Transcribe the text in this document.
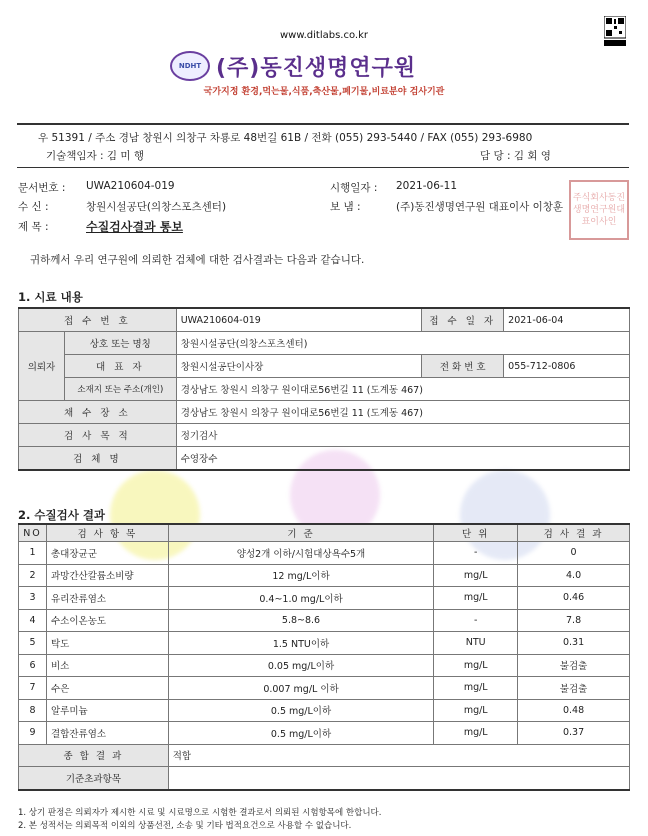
www.ditlabs.co.kr
NDHT (주)동진생명연구원
국가지정 환경,먹는물,식품,축산물,폐기물,비료분야 검사기관
우 51391 / 주소 경남 창원시 의창구 차룡로 48번길 61B / 전화 (055) 293-5440 / FAX (055) 293-6980
기술책임자 : 김 미 행	담 당 : 김 회 영
문서번호 : UWA210604-019
수 신 :	창원시설공단(의창스포츠센터)
제 목 :	수질검사결과 통보
시행일자 : 2021-06-11
보 냄 :	(주)동진생명연구원 대표이사 이창훈
주식회사동진생명연구원대표이사인
귀하께서 우리 연구원에 의뢰한 검체에 대한 검사결과는 다음과 같습니다.
1. 시료 내용
접 수 번 호		UWA210604-019	접 수 일 자	2021-06-04
의뢰자	상호 또는 명칭	창원시설공단(의창스포츠센터)		
	대 표 자	창원시설공단이사장	전 화 번 호	055-712-0806
	소재지 또는 주소(개인)	경상남도 창원시 의창구 원이대로56번길 11 (도계동 467)		
채 수 장 소		경상남도 창원시 의창구 원이대로56번길 11 (도계동 467)		
검 사 목 적		정기검사		
검 체 명		수영장수		
2. 수질검사 결과
NO	검 사 항 목	기 준	단 위	검 사 결 과
1	총대장균군	양성2개 이하/시험대상욕수5개	-	0
2	과망간산칼륨소비량	12 mg/L이하	mg/L	4.0
3	유리잔류염소	0.4~1.0 mg/L이하	mg/L	0.46
4	수소이온농도	5.8~8.6	-	7.8
5	탁도	1.5 NTU이하	NTU	0.31
6	비소	0.05 mg/L이하	mg/L	불검출
7	수은	0.007 mg/L 이하	mg/L	불검출
8	알루미늄	0.5 mg/L이하	mg/L	0.48
9	결합잔류염소	0.5 mg/L이하	mg/L	0.37
종 합 결 과		적합		
기준초과항목				
1. 상기 판정은 의뢰자가 제시한 시료 및 시료명으로 시험한 결과로서 의뢰된 시험항목에 한합니다.
2. 본 성적서는 의뢰목적 이외의 상품선전, 소송 및 기타 법적요건으로 사용할 수 없습니다.
